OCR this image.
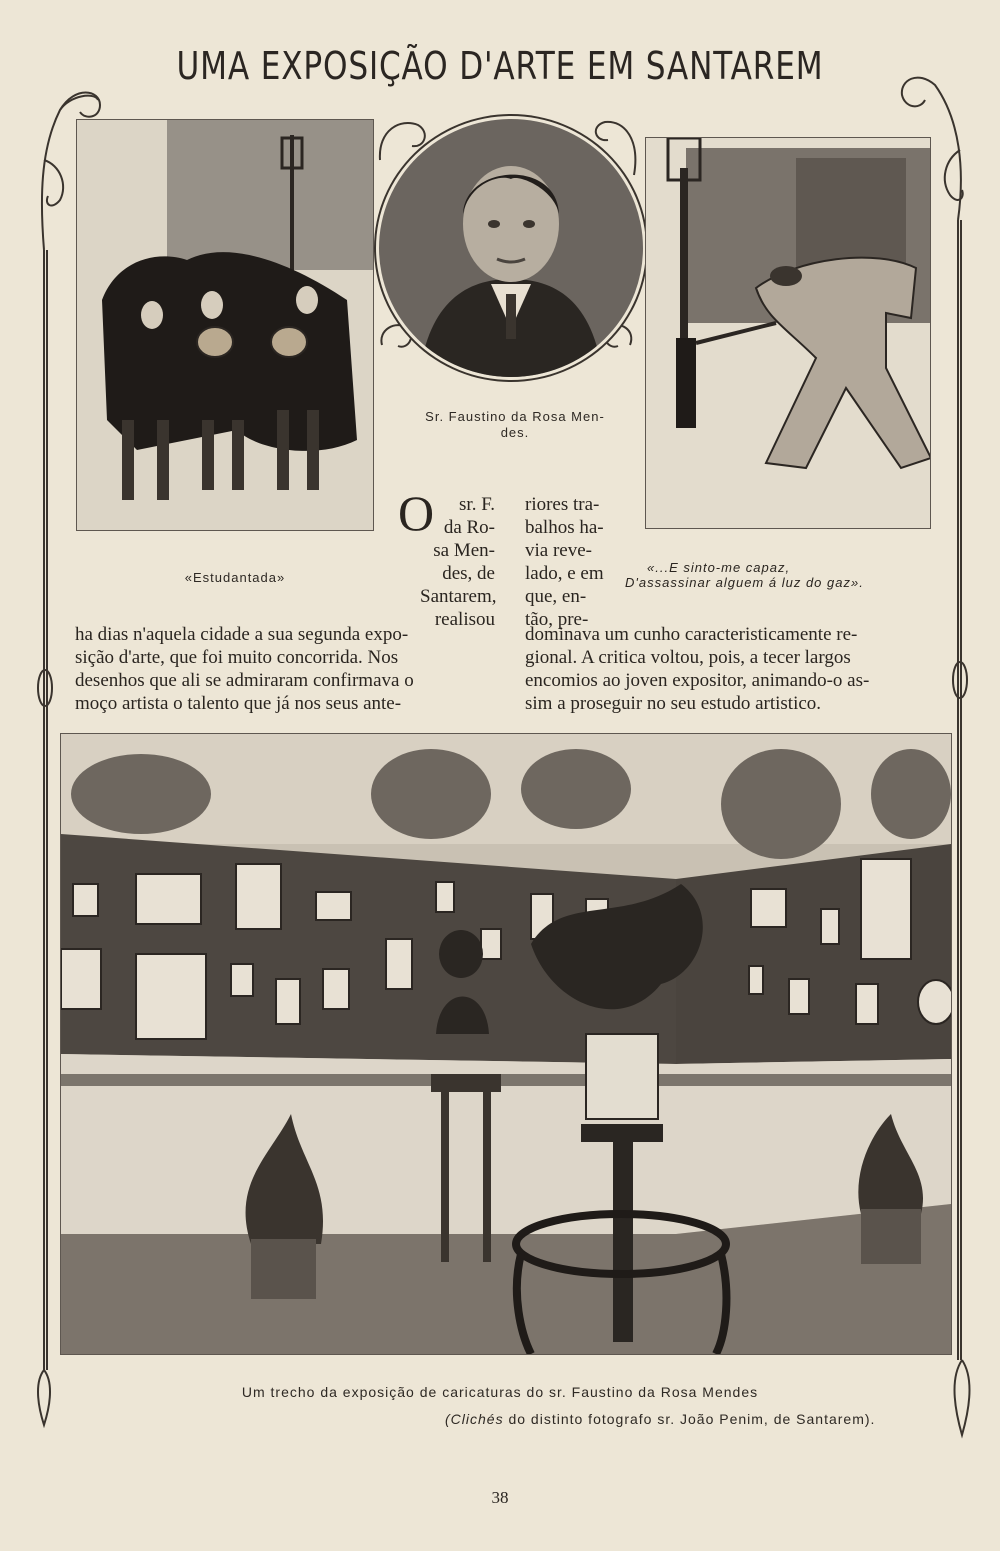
UMA EXPOSIÇÃO D'ARTE EM SANTAREM
«Estudantada»
Sr. Faustino da Rosa Men-
des.
«...E sinto-me capaz,
D'assassinar alguem á luz do gaz».
O	sr. F.
da Ro-
sa Men-
des, de
Santarem,
realisou
riores tra-
balhos ha-
via reve-
lado, e em
que, en-
tão, pre-
ha dias n'aquela cidade a sua segunda expo-
sição d'arte, que foi muito concorrida. Nos
desenhos que ali se admiraram confirmava o
moço artista o talento que já nos seus ante-
dominava um cunho caracteristicamente re-
gional. A critica voltou, pois, a tecer largos
encomios ao joven expositor, animando-o as-
sim a proseguir no seu estudo artistico.
Um trecho da exposição de caricaturas do sr. Faustino da Rosa Mendes
(Clichés do distinto fotografo sr. João Penim, de Santarem).
38
